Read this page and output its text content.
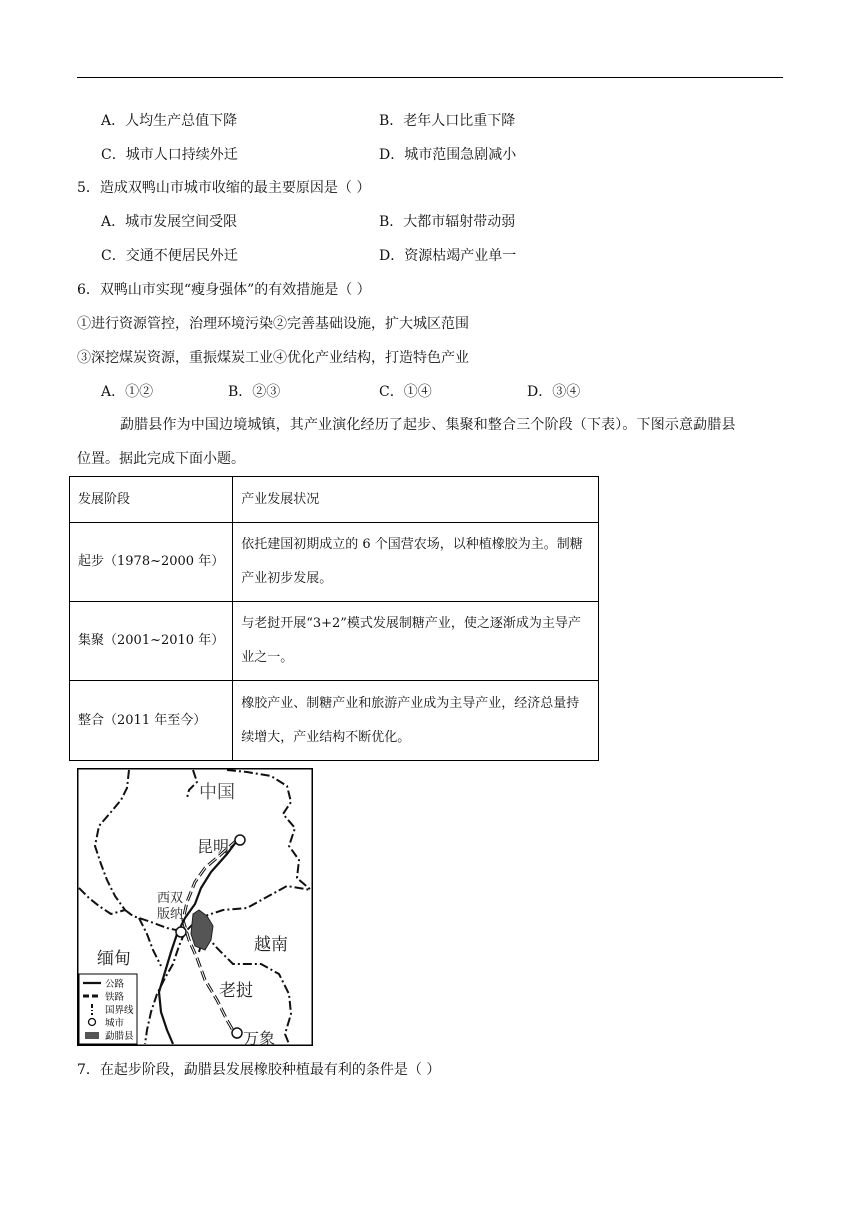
A．人均生产总值下降	B．老年人口比重下降
C．城市人口持续外迁	D．城市范围急剧减小
5．造成双鸭山市城市收缩的最主要原因是（ ）
A．城市发展空间受限	B．大都市辐射带动弱
C．交通不便居民外迁	D．资源枯竭产业单一
6．双鸭山市实现“瘦身强体”的有效措施是（ ）
①进行资源管控，治理环境污染②完善基础设施，扩大城区范围
③深挖煤炭资源，重振煤炭工业④优化产业结构，打造特色产业
A．①②	B．②③	C．①④	D．③④
勐腊县作为中国边境城镇，其产业演化经历了起步、集聚和整合三个阶段（下表）。下图示意勐腊县
位置。据此完成下面小题。
发展阶段	产业发展状况
起步（1978~2000 年）	依托建国初期成立的 6 个国营农场，以种植橡胶为主。制糖产业初步发展。
集聚（2001~2010 年）	与老挝开展“3+2”模式发展制糖产业，使之逐渐成为主导产业之一。
整合（2011 年至今）	橡胶产业、制糖产业和旅游产业成为主导产业，经济总量持续增大，产业结构不断优化。
中国
昆明
西双
版纳
越南
缅甸
老挝
万象
公路
铁路
国界线
城市
勐腊县
7．在起步阶段，勐腊县发展橡胶种植最有利的条件是（ ）
